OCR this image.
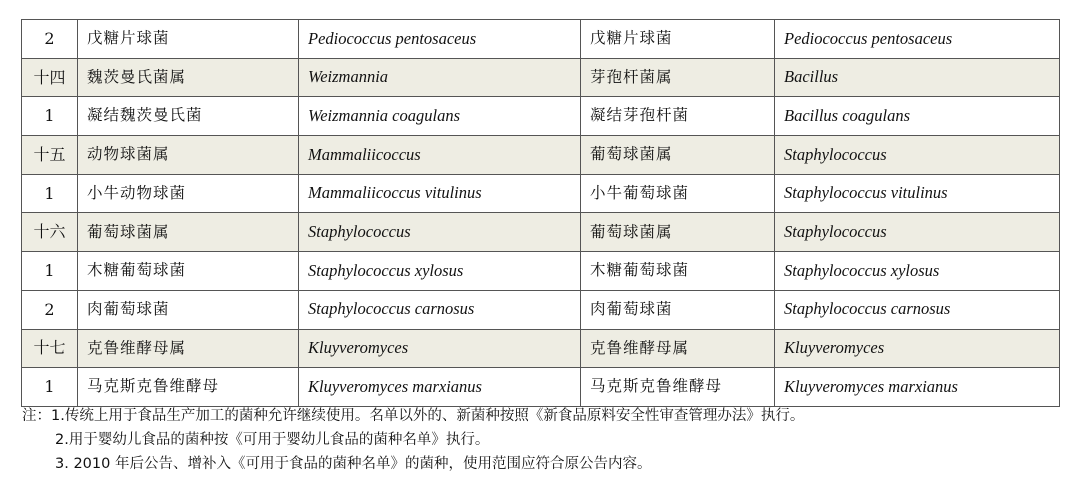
2	戊糖片球菌	Pediococcus pentosaceus	戊糖片球菌	Pediococcus pentosaceus
十四	魏茨曼氏菌属	Weizmannia	芽孢杆菌属	Bacillus
1	凝结魏茨曼氏菌	Weizmannia coagulans	凝结芽孢杆菌	Bacillus coagulans
十五	动物球菌属	Mammaliicoccus	葡萄球菌属	Staphylococcus
1	小牛动物球菌	Mammaliicoccus vitulinus	小牛葡萄球菌	Staphylococcus vitulinus
十六	葡萄球菌属	Staphylococcus	葡萄球菌属	Staphylococcus
1	木糖葡萄球菌	Staphylococcus xylosus	木糖葡萄球菌	Staphylococcus xylosus
2	肉葡萄球菌	Staphylococcus carnosus	肉葡萄球菌	Staphylococcus carnosus
十七	克鲁维酵母属	Kluyveromyces	克鲁维酵母属	Kluyveromyces
1	马克斯克鲁维酵母	Kluyveromyces marxianus	马克斯克鲁维酵母	Kluyveromyces marxianus
注：1.传统上用于食品生产加工的菌种允许继续使用。名单以外的、新菌种按照《新食品原料安全性审查管理办法》执行。
2.用于婴幼儿食品的菌种按《可用于婴幼儿食品的菌种名单》执行。
3. 2010 年后公告、增补入《可用于食品的菌种名单》的菌种，使用范围应符合原公告内容。
